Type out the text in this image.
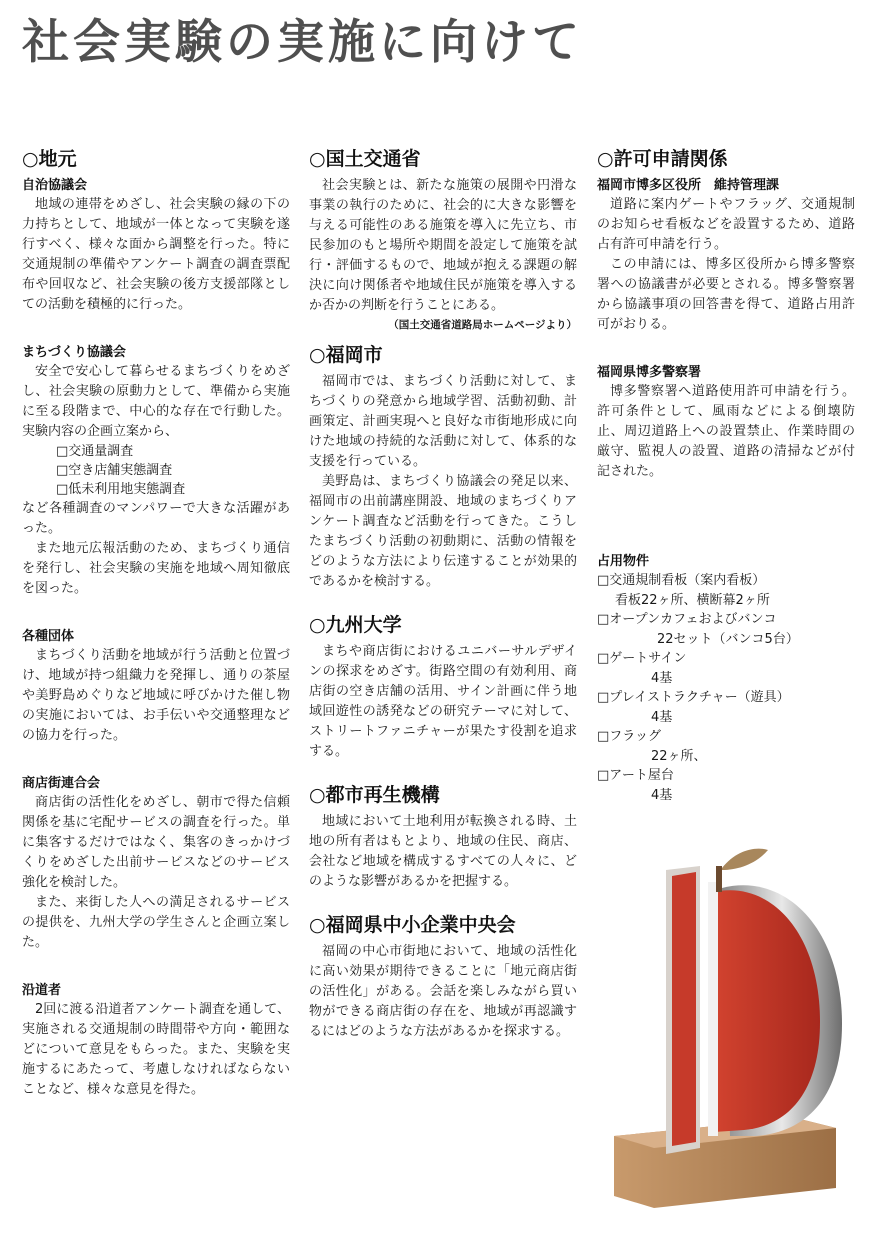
社会実験の実施に向けて
○地元
自治協議会

地域の連帯をめざし、社会実験の縁の下の力持ちとして、地域が一体となって実験を遂行すべく、様々な面から調整を行った。特に交通規制の準備やアンケート調査の調査票配布や回収など、社会実験の後方支援部隊としての活動を積極的に行った。

まちづくり協議会

安全で安心して暮らせるまちづくりをめざし、社会実験の原動力として、準備から実施に至る段階まで、中心的な存在で行動した。実験内容の企画立案から、

□交通量調査
□空き店舗実態調査
□低未利用地実態調査

など各種調査のマンパワーで大きな活躍があった。

また地元広報活動のため、まちづくり通信を発行し、社会実験の実施を地域へ周知徹底を図った。

各種団体

まちづくり活動を地域が行う活動と位置づけ、地域が持つ組織力を発揮し、通りの茶屋や美野島めぐりなど地域に呼びかけた催し物の実施においては、お手伝いや交通整理などの協力を行った。

商店街連合会

商店街の活性化をめざし、朝市で得た信頼関係を基に宅配サービスの調査を行った。単に集客するだけではなく、集客のきっかけづくりをめざした出前サービスなどのサービス強化を検討した。

また、来街した人への満足されるサービスの提供を、九州大学の学生さんと企画立案した。

沿道者

2回に渡る沿道者アンケート調査を通して、実施される交通規制の時間帯や方向・範囲などについて意見をもらった。また、実験を実施するにあたって、考慮しなければならないことなど、様々な意見を得た。

○国土交通省

社会実験とは、新たな施策の展開や円滑な事業の執行のために、社会的に大きな影響を与える可能性のある施策を導入に先立ち、市民参加のもと場所や期間を設定して施策を試行・評価するもので、地域が抱える課題の解決に向け関係者や地域住民が施策を導入するか否かの判断を行うことにある。

（国土交通省道路局ホームページより）
○福岡市

福岡市では、まちづくり活動に対して、まちづくりの発意から地域学習、活動初動、計画策定、計画実現へと良好な市街地形成に向けた地域の持続的な活動に対して、体系的な支援を行っている。

美野島は、まちづくり協議会の発足以来、福岡市の出前講座開設、地域のまちづくりアンケート調査など活動を行ってきた。こうしたまちづくり活動の初動期に、活動の情報をどのような方法により伝達することが効果的であるかを検討する。

○九州大学

まちや商店街におけるユニバーサルデザインの探求をめざす。街路空間の有効利用、商店街の空き店舗の活用、サイン計画に伴う地域回遊性の誘発などの研究テーマに対して、ストリートファニチャーが果たす役割を追求する。

○都市再生機構

地域において土地利用が転換される時、土地の所有者はもとより、地域の住民、商店、会社など地域を構成するすべての人々に、どのような影響があるかを把握する。

○福岡県中小企業中央会

福岡の中心市街地において、地域の活性化に高い効果が期待できることに「地元商店街の活性化」がある。会話を楽しみながら買い物ができる商店街の存在を、地域が再認識するにはどのような方法があるかを探求する。

○許可申請関係
福岡市博多区役所　維持管理課

道路に案内ゲートやフラッグ、交通規制のお知らせ看板などを設置するため、道路占有許可申請を行う。

この申請には、博多区役所から博多警察署への協議書が必要とされる。博多警察署から協議事項の回答書を得て、道路占用許可がおりる。

福岡県博多警察署

博多警察署へ道路使用許可申請を行う。許可条件として、風雨などによる倒壊防止、周辺道路上への設置禁止、作業時間の厳守、監視人の設置、道路の清掃などが付記された。

占用物件
□交通規制看板（案内看板）
看板22ヶ所、横断幕2ヶ所
□オープンカフェおよびバンコ
22セット（バンコ5台）
□ゲートサイン
4基
□プレイストラクチャー（遊具）
4基
□フラッグ
22ヶ所、
□アート屋台
4基
